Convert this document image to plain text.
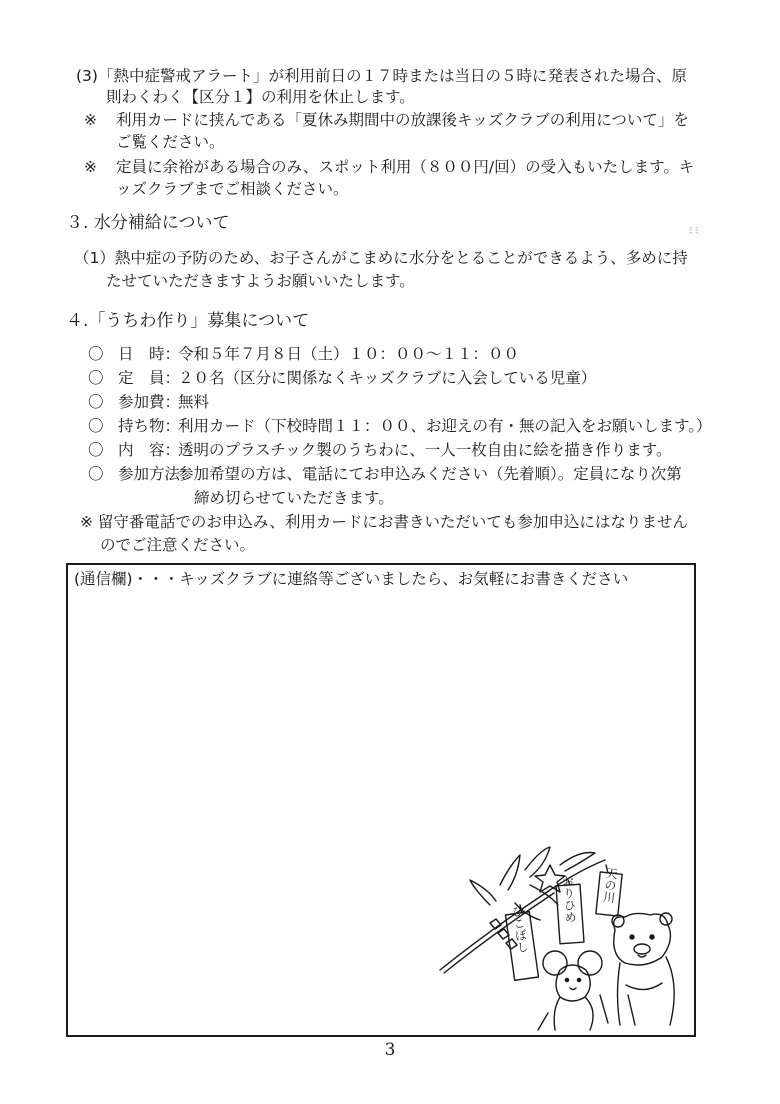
(3)「熱中症警戒アラート」が利用前日の１７時または当日の５時に発表された場合、原
則わくわく【区分１】の利用を休止します。
※ 利用カードに挟んである「夏休み期間中の放課後キッズクラブの利用について」を
ご覧ください。
※ 定員に余裕がある場合のみ、スポット利用（８００円/回）の受入もいたします。キ
ッズクラブまでご相談ください。
３. 水分補給について	ﾐﾐ
（1）熱中症の予防のため、お子さんがこまめに水分をとることができるよう、多めに持
たせていただきますようお願いいたします。
４.「うちわ作り」募集について
〇 日　時：
令和５年７月８日（土）１０：００～１１：００
〇 定　員：
２０名（区分に関係なくキッズクラブに入会している児童）
〇 参加費：
無料
〇 持ち物：
利用カード（下校時間１１：００、お迎えの有・無の記入をお願いします。）
〇 内　容：
透明のプラスチック製のうちわに、一人一枚自由に絵を描き作ります。
〇 参加方法：
参加希望の方は、電話にてお申込みください（先着順）。定員になり次第
締め切らせていただきます。
※ 留守番電話でのお申込み、利用カードにお書きいただいても参加申込にはなりません
のでご注意ください。
(通信欄)・・・キッズクラブに連絡等ございましたら、お気軽にお書きください
ひこぼし
おりひめ 天の川
3
